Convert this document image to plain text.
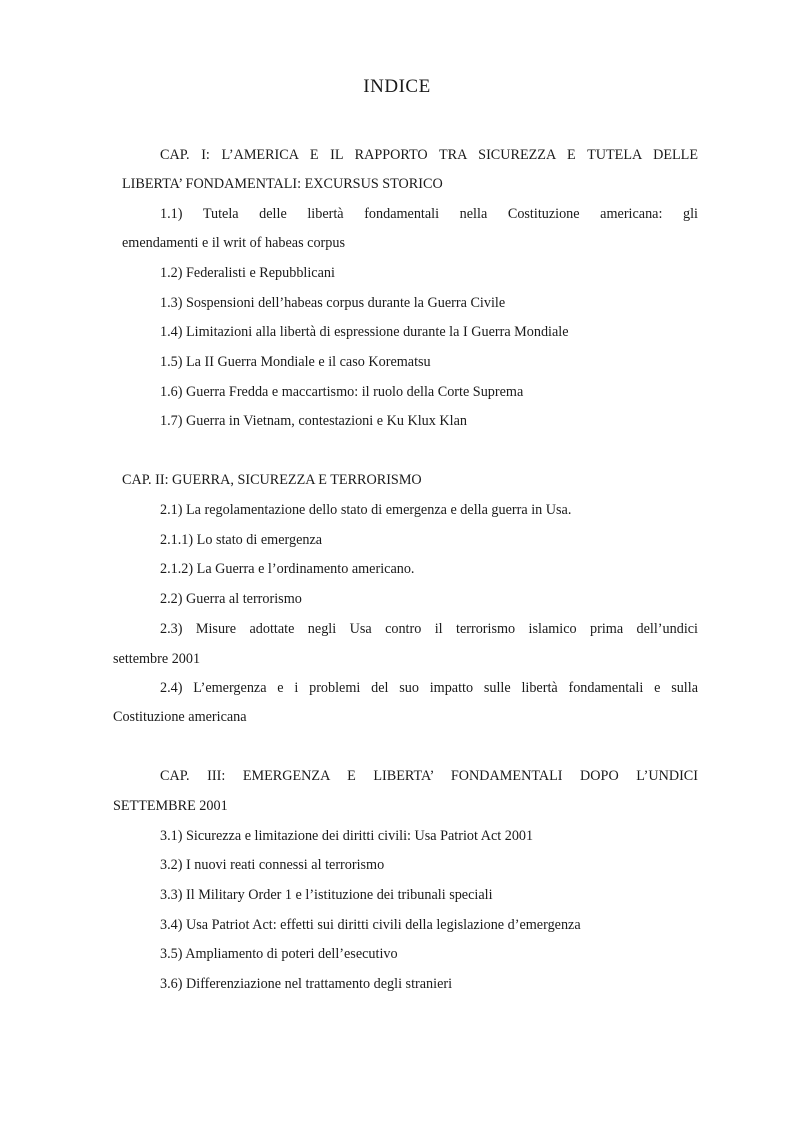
INDICE
CAP. I: L’AMERICA E IL RAPPORTO TRA SICUREZZA E TUTELA DELLE
LIBERTA’ FONDAMENTALI: EXCURSUS STORICO
1.1) Tutela delle libertà fondamentali nella Costituzione americana: gli
emendamenti e il writ of habeas corpus
1.2) Federalisti e Repubblicani
1.3) Sospensioni dell’habeas corpus durante la Guerra Civile
1.4) Limitazioni alla libertà di espressione durante la I Guerra Mondiale
1.5) La II Guerra Mondiale e il caso Korematsu
1.6) Guerra Fredda e maccartismo: il ruolo della Corte Suprema
1.7) Guerra in Vietnam, contestazioni e Ku Klux Klan
CAP. II: GUERRA, SICUREZZA E TERRORISMO
2.1) La regolamentazione dello stato di emergenza e della guerra in Usa.
2.1.1) Lo stato di emergenza
2.1.2) La Guerra e l’ordinamento americano.
2.2) Guerra al terrorismo
2.3) Misure adottate negli Usa contro il terrorismo islamico prima dell’undici
settembre 2001
2.4) L’emergenza e i problemi del suo impatto sulle libertà fondamentali e sulla
Costituzione americana
CAP. III: EMERGENZA E LIBERTA’ FONDAMENTALI DOPO L’UNDICI
SETTEMBRE 2001
3.1) Sicurezza e limitazione dei diritti civili: Usa Patriot Act 2001
3.2) I nuovi reati connessi al terrorismo
3.3) Il Military Order 1 e l’istituzione dei tribunali speciali
3.4) Usa Patriot Act: effetti sui diritti civili della legislazione d’emergenza
3.5) Ampliamento di poteri dell’esecutivo
3.6) Differenziazione nel trattamento degli stranieri
